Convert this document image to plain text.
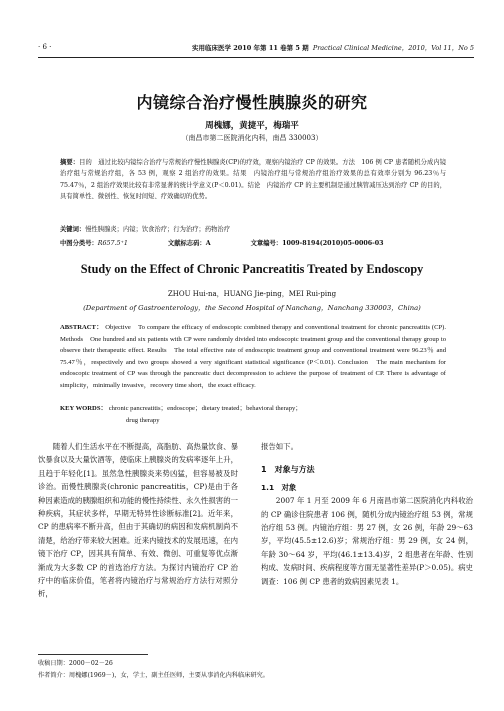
· 6 ·	实用临床医学 2010 年第 11 卷第 5 期 Practical Clinical Medicine，2010，Vol 11，No 5
内镜综合治疗慢性胰腺炎的研究
周槐娜，黄捷平，梅瑞平
（南昌市第二医院消化内科，南昌 330003）
摘要：目的　通过比较内镜综合治疗与常规治疗慢性胰腺炎(CP)的疗效，观察内镜治疗 CP 的效果。方法　106 例 CP 患者随机分成内镜治疗组与常规治疗组，各 53 例，观察 2 组治疗的效果。结果　内镜治疗组与常规治疗组治疗效果的总有效率分别为 96.23％与 75.47％，2 组治疗效果比较有非常显著的统计学意义(P＜0.01)。结论　内镜治疗 CP 的主要机制是通过胰管减压达到治疗 CP 的目的，具有简单性、微创性、恢复时间短、疗效确切的优势。
关键词：慢性胰腺炎；内镜；饮食治疗；行为治疗；药物治疗
中图分类号：R657.5⁺1	文献标志码：A	文章编号：1009-8194(2010)05-0006-03
Study on the Effect of Chronic Pancreatitis Treated by Endoscopy
ZHOU Hui-na，HUANG Jie-ping，MEI Rui-ping
(Department of Gastroenterology，the Second Hospital of Nanchang，Nanchang 330003，China)
ABSTRACT： Objective　To compare the efficacy of endoscopic combined therapy and conventional treatment for chronic pancreatitis (CP). Methods　One hundred and six patients with CP were randomly divided into endoscopic treatment group and the conventional therapy group to observe their therapeutic effect. Results　The total effective rate of endoscopic treatment group and conventional treatment were 96.23％ and 75.47％，respectively and two groups showed a very significant statistical significance (P＜0.01). Conclusion　The main mechanism for endoscopic treatment of CP was through the pancreatic duct decompression to achieve the purpose of treatment of CP. There is advantage of simplicity，minimally invasive，recovery time short，the exact efficacy.
KEY WORDS： chronic pancreatitis；endoscope；dietary treated；behavioral therapy；
drug therapy

随着人们生活水平在不断提高，高脂肪、高热量饮食、暴饮暴食以及大量饮酒等，使临床上胰腺炎的发病率逐年上升，且趋于年轻化[1]。虽然急性胰腺炎来势凶猛，但容易被及时诊治。而慢性胰腺炎(chronic pancreatitis，CP)是由于各种因素造成的胰腺组织和功能的慢性持续性、永久性损害的一种疾病，其症状多样，早期无特异性诊断标准[2]。近年来，CP 的患病率不断升高，但由于其确切的病因和发病机制尚不清楚，给治疗带来较大困难。近来内镜技术的发展迅速，在内镜下治疗 CP，因其具有简单、有效、微创、可重复等优点渐渐成为大多数 CP 的首选治疗方法。为探讨内镜治疗 CP 治疗中的临床价值，笔者将内镜治疗与常规治疗方法行对照分析，

报告如下。
1　对象与方法
1.1　对象

2007 年 1 月至 2009 年 6 月南昌市第二医院消化内科收治的 CP 确诊住院患者 106 例，随机分成内镜治疗组 53 例，常规治疗组 53 例。内镜治疗组：男 27 例，女 26 例，年龄 29～63 岁，平均(45.5±12.6)岁；常规治疗组：男 29 例，女 24 例，年龄 30～64 岁，平均(46.1±13.4)岁，2 组患者在年龄、性别构成、发病时间、疾病程度等方面无显著性差异(P＞0.05)。病史调查：106 例 CP 患者的致病因素见表 1。

收稿日期：2000－02－26
作者简介：周槐娜(1969－)，女，学士，副主任医师，主要从事消化内科临床研究。
